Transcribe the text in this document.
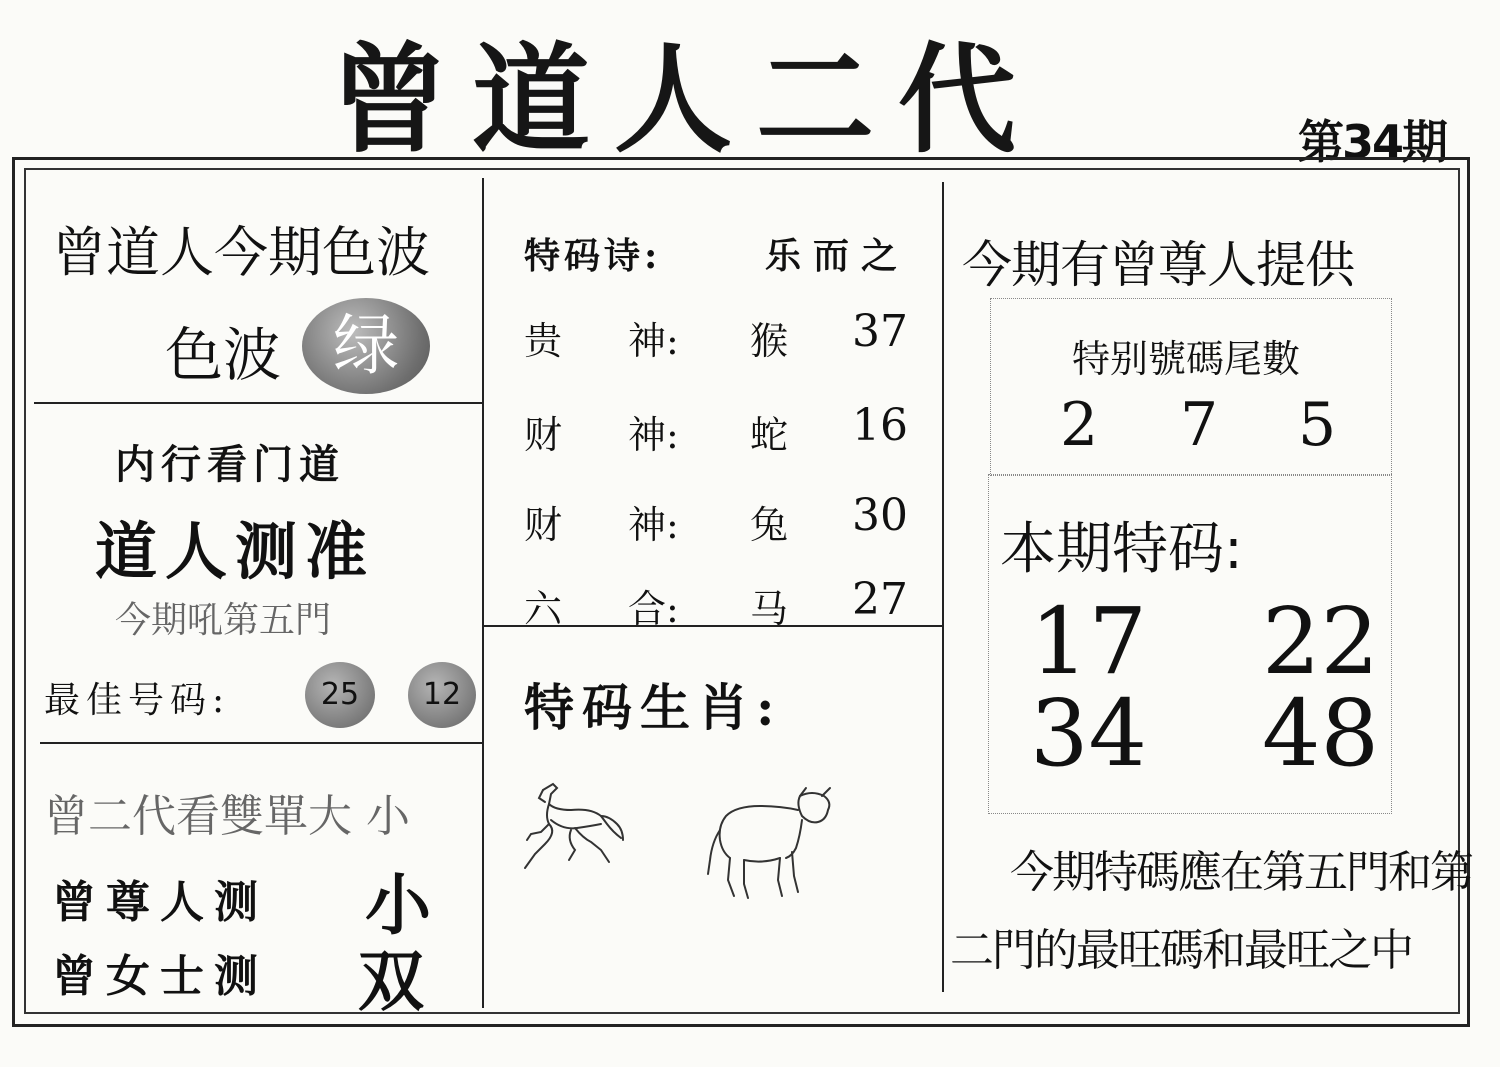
曾道人二代	第34期
曾道人今期色波
色波 绿
内行看门道
道人测准
今期吼第五門
最佳号码:	25	12
曾二代看雙單大 小
曾尊人测 小
曾女士测 双
特码诗:	乐而之
贵 神: 猴 37
财 神: 蛇 16
财 神: 兔 30
六 合: 马 27
特码生肖:
今期有曾尊人提供
特别號碼尾數
2 7 5
本期特码:
17 22
34 48
今期特碼應在第五門和第
二門的最旺碼和最旺之中
